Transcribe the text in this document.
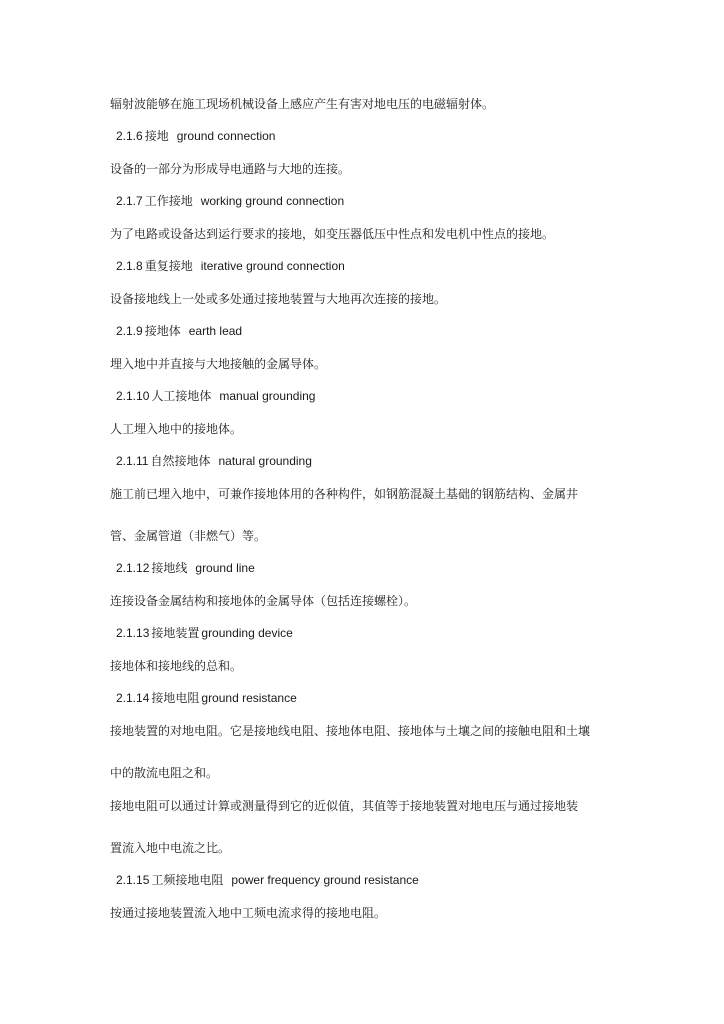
辐射波能够在施工现场机械设备上感应产生有害对地电压的电磁辐射体。

2.1.6 接地 ground connection

设备的一部分为形成导电通路与大地的连接。

2.1.7 工作接地 working ground connection

为了电路或设备达到运行要求的接地，如变压器低压中性点和发电机中性点的接地。

2.1.8 重复接地 iterative ground connection

设备接地线上一处或多处通过接地装置与大地再次连接的接地。

2.1.9 接地体 earth lead

埋入地中并直接与大地接触的金属导体。

2.1.10 人工接地体 manual grounding

人工埋入地中的接地体。

2.1.11 自然接地体 natural grounding

施工前已埋入地中，可兼作接地体用的各种构件，如钢筋混凝土基础的钢筋结构、金属井

管、金属管道（非燃气）等。

2.1.12 接地线 ground line

连接设备金属结构和接地体的金属导体（包括连接螺栓）。

2.1.13 接地装置 grounding device

接地体和接地线的总和。

2.1.14 接地电阻 ground resistance

接地装置的对地电阻。它是接地线电阻、接地体电阻、接地体与土壤之间的接触电阻和土壤

中的散流电阻之和。

接地电阻可以通过计算或测量得到它的近似值，其值等于接地装置对地电压与通过接地装

置流入地中电流之比。

2.1.15 工频接地电阻 power frequency ground resistance

按通过接地装置流入地中工频电流求得的接地电阻。
